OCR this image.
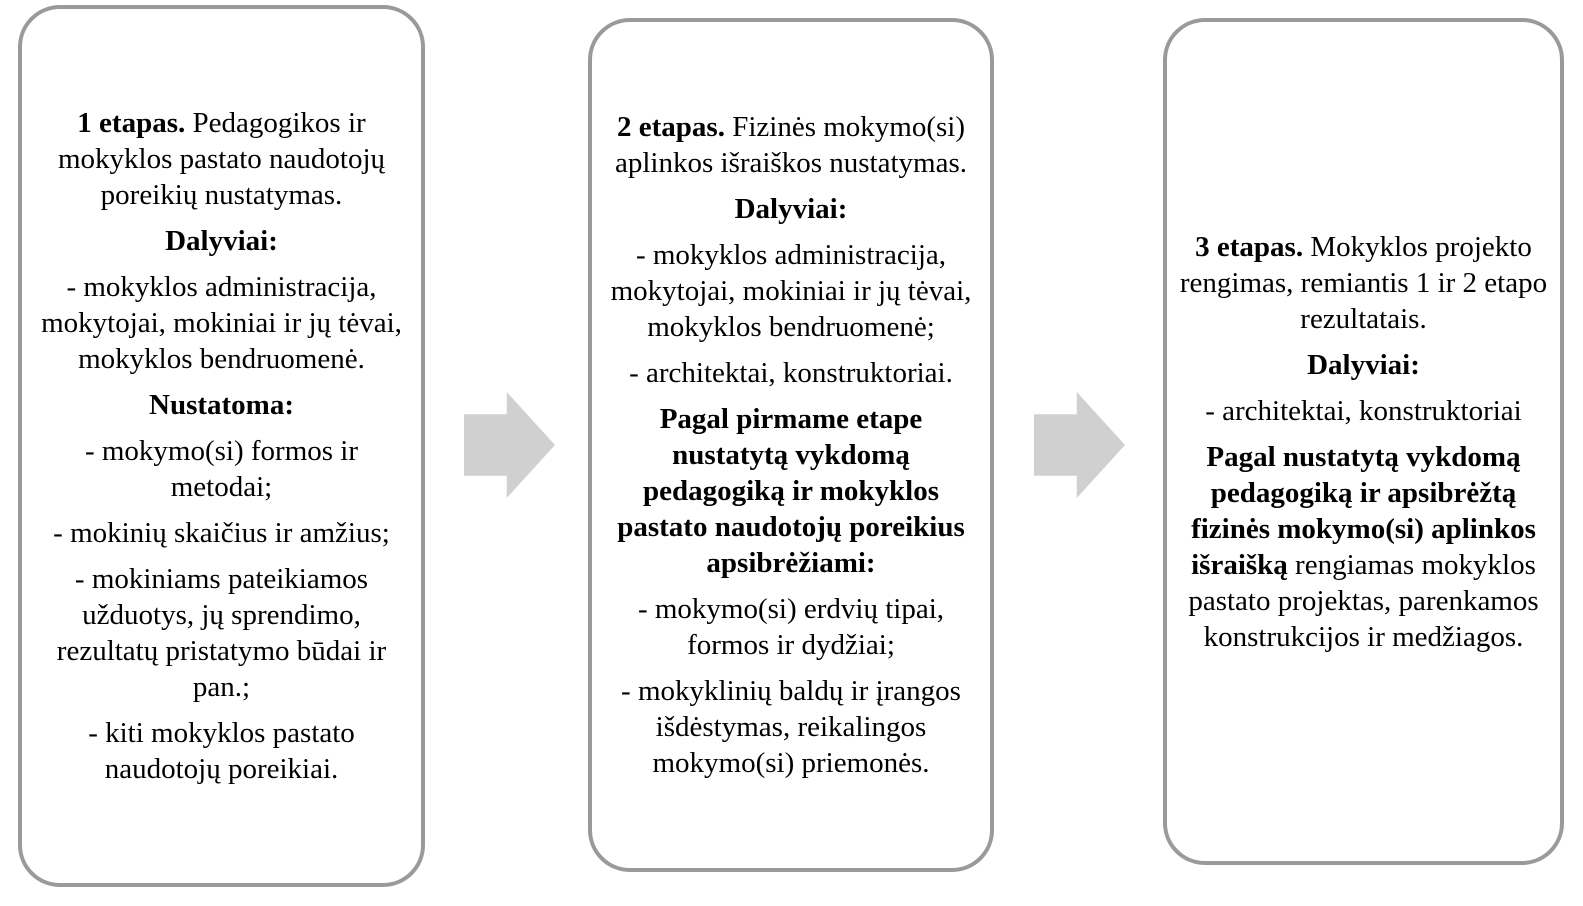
1 etapas. Pedagogikos ir mokyklos pastato naudotojų poreikių nustatymas.

Dalyviai:

- mokyklos administracija, mokytojai, mokiniai ir jų tėvai, mokyklos bendruomenė.

Nustatoma:

- mokymo(si) formos ir metodai;

- mokinių skaičius ir amžius;

- mokiniams pateikiamos užduotys, jų sprendimo, rezultatų pristatymo būdai ir pan.;

- kiti mokyklos pastato naudotojų poreikiai.

2 etapas. Fizinės mokymo(si) aplinkos išraiškos nustatymas.

Dalyviai:

- mokyklos administracija, mokytojai, mokiniai ir jų tėvai, mokyklos bendruomenė;

- architektai, konstruktoriai.

Pagal pirmame etape nustatytą vykdomą pedagogiką ir mokyklos pastato naudotojų poreikius apsibrėžiami:

- mokymo(si) erdvių tipai, formos ir dydžiai;

- mokyklinių baldų ir įrangos išdėstymas, reikalingos mokymo(si) priemonės.

3 etapas. Mokyklos projekto rengimas, remiantis 1 ir 2 etapo rezultatais.

Dalyviai:

- architektai, konstruktoriai

Pagal nustatytą vykdomą pedagogiką ir apsibrėžtą fizinės mokymo(si) aplinkos išraišką rengiamas mokyklos pastato projektas, parenkamos konstrukcijos ir medžiagos.
